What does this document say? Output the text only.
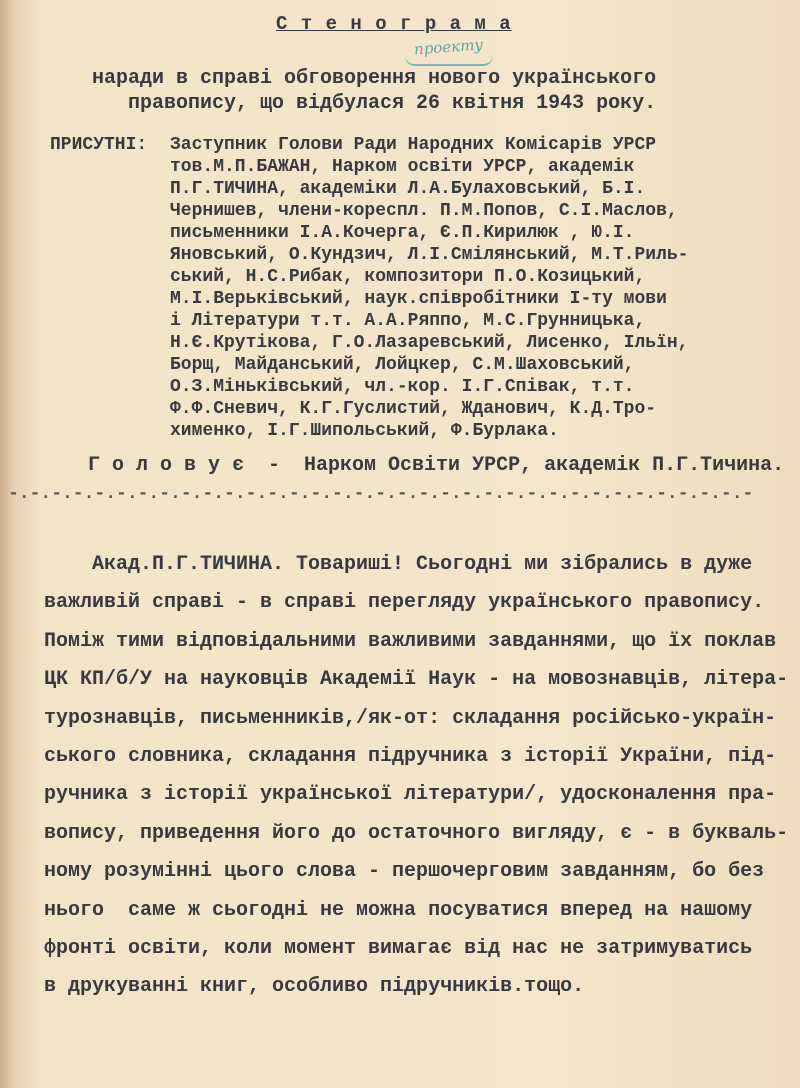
С т е н о г р а м а
проекту
наради в справі обговорення нового українського
правопису, що відбулася 26 квітня 1943 року.
ПРИСУТНІ: Заступник Голови Ради Народних Комісарів УРСР
тов.М.П.БАЖАН, Нарком освіти УРСР, академік
П.Г.ТИЧИНА, академіки Л.А.Булаховський, Б.І.
Чернишев, члени-кореспл. П.М.Попов, С.І.Маслов,
письменники І.А.Кочерга, Є.П.Кирилюк , Ю.І.
Яновський, О.Кундзич, Л.І.Смілянський, М.Т.Риль-
ський, Н.С.Рибак, композитори П.О.Козицький,
М.І.Верьківський, наук.співробітники І-ту мови
і Літератури т.т. А.А.Ряппо, М.С.Грунницька,
Н.Є.Крутікова, Г.О.Лазаревський, Лисенко, Ільїн,
Борщ, Майданський, Лойцкер, С.М.Шаховський,
О.З.Міньківський, чл.-кор. І.Г.Співак, т.т.
Ф.Ф.Сневич, К.Г.Гуслистий, Жданович, К.Д.Тро-
хименко, І.Г.Шипольський, Ф.Бурлака.
Г о л о в у є  -  Нарком Освіти УРСР, академік П.Г.Тичина.
-.-.-.-.-.-.-.-.-.-.-.-.-.-.-.-.-.-.-.-.-.-.-.-.-.-.-.-.-.-.-.-.-.-.-
Акад.П.Г.ТИЧИНА. Товариші! Сьогодні ми зібрались в дуже
важливій справі - в справі перегляду українського правопису.
Поміж тими відповідальними важливими завданнями, що їх поклав
ЦК КП/б/У на науковців Академії Наук - на мовознавців, літера-
турознавців, письменників,/як-от: складання російсько-україн-
ського словника, складання підручника з історії України, під-
ручника з історії української літератури/, удосконалення пра-
вопису, приведення його до остаточного вигляду, є - в букваль-
ному розумінні цього слова - першочерговим завданням, бо без
нього  саме ж сьогодні не можна посуватися вперед на нашому
фронті освіти, коли момент вимагає від нас не затримуватись
в друкуванні книг, особливо підручників.тощо.
